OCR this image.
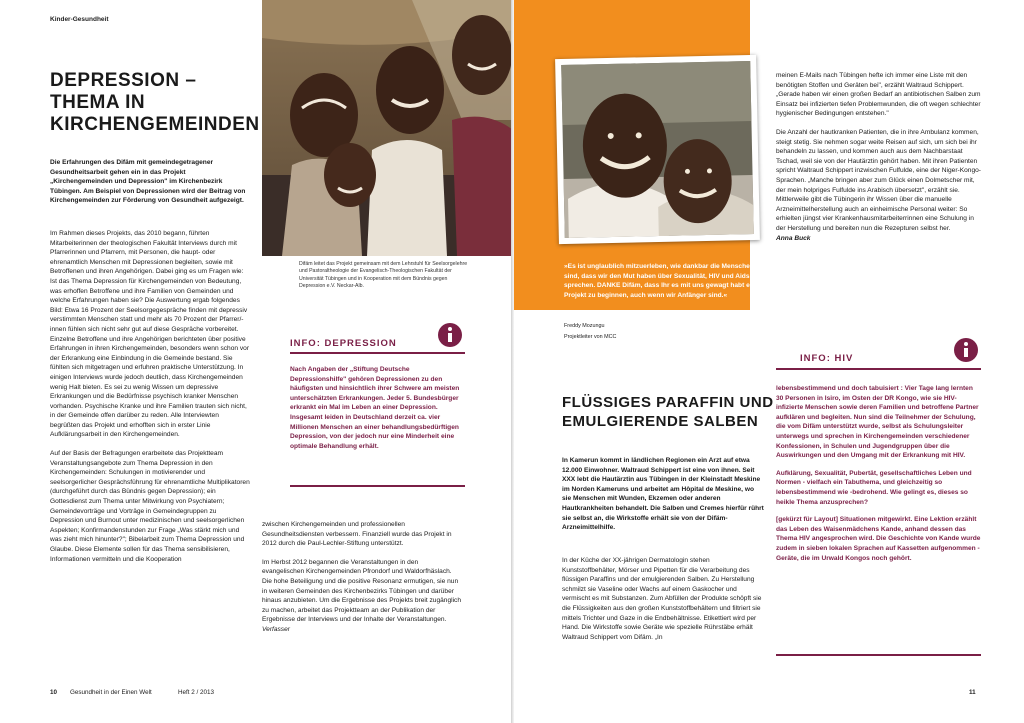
Kinder-Gesundheit
DEPRESSION –
THEMA IN
KIRCHENGEMEINDEN

Die Erfahrungen des Difäm mit gemeindegetragener Gesundheitsarbeit gehen ein in das Projekt „Kirchengemeinden und Depression" im Kirchenbezirk Tübingen. Am Beispiel von Depressionen wird der Beitrag von Kirchengemeinden zur Förderung von Gesundheit aufgezeigt.

Im Rahmen dieses Projekts, das 2010 begann, führten Mitarbeiterinnen der theologischen Fakultät Interviews durch mit Pfarrerinnen und Pfarrern, mit Personen, die haupt- oder ehrenamtlich Menschen mit Depressionen begleiten, sowie mit Betroffenen und ihren Angehörigen. Dabei ging es um Fragen wie: Ist das Thema Depression für Kirchengemeinden von Bedeutung, was erhoffen Betroffene und ihre Familien von Gemeinden und welche Erfahrungen haben sie? Die Auswertung ergab folgendes Bild: Etwa 16 Prozent der Seelsorgegespräche finden mit depressiv verstimmten Menschen statt und mehr als 70 Prozent der Pfarrer/-innen fühlen sich nicht sehr gut auf diese Gespräche vorbereitet. Einzelne Betroffene und ihre Angehörigen berichteten über positive Erfahrungen in ihren Kirchengemeinden, besonders wenn schon vor der Erkrankung eine Einbindung in die Gemeinde bestand. Sie fühlten sich mitgetragen und erfuhren praktische Unterstützung. In einigen Interviews wurde jedoch deutlich, dass Kirchengemeinden wenig Halt bieten. Es sei zu wenig Wissen um depressive Erkrankungen und die Bedürfnisse psychisch kranker Menschen vorhanden. Psychische Kranke und ihre Familien trauten sich nicht, in der Gemeinde offen darüber zu reden. Alle Interviewten begrüßten das Projekt und erhofften sich in erster Linie Aufklärungsarbeit in den Kirchengemeinden.

Auf der Basis der Befragungen erarbeitete das Projektteam Veranstaltungsangebote zum Thema Depression in den Kirchengemeinden: Schulungen in motivierender und seelsorgerlicher Gesprächsführung für ehrenamtliche Multiplikatoren (durchgeführt durch das Bündnis gegen Depression); ein Gottesdienst zum Thema unter Mitwirkung von Psychiatern; Gemeindevorträge und Vorträge in Gemeindegruppen zu Depression und Burnout unter medizinischen und seelsorgerlichen Aspekten; Konfirmandenstunden zur Frage „Was stärkt mich und was zieht mich hinunter?"; Bibelarbeit zum Thema Depression und Glaube. Diese Elemente sollen für das Thema sensibilisieren, Informationen vermitteln und die Kooperation

Difäm leitet das Projekt gemeinsam mit dem Lehrstuhl für Seelsorgelehre und Pastoraltheologie der Evangelisch-Theologischen Fakultät der Universität Tübingen und in Kooperation mit dem Bündnis gegen Depression e.V. Neckar-Alb.
INFO: DEPRESSION
Nach Angaben der „Stiftung Deutsche Depressionshilfe" gehören Depressionen zu den häufigsten und hinsichtlich ihrer Schwere am meisten unterschätzten Erkrankungen. Jeder 5. Bundesbürger erkrankt ein Mal im Leben an einer Depression. Insgesamt leiden in Deutschland derzeit ca. vier Millionen Menschen an einer behandlungsbedürftigen Depression, von der jedoch nur eine Minderheit eine optimale Behandlung erhält.

zwischen Kirchengemeinden und professionellen Gesundheitsdiensten verbessern. Finanziell wurde das Projekt in 2012 durch die Paul-Lechler-Stiftung unterstützt.

Im Herbst 2012 begannen die Veranstaltungen in den evangelischen Kirchengemeinden Pfrondorf und Waldorfhäslach. Die hohe Beteiligung und die positive Resonanz ermutigen, sie nun in weiteren Gemeinden des Kirchenbezirks Tübingen und darüber hinaus anzubieten. Um die Ergebnisse des Projekts breit zugänglich zu machen, arbeitet das Projektteam an der Publikation der Ergebnisse der Interviews und der Inhalte der Veranstaltungen. Verfasser

10 Gesundheit in der Einen Welt	Heft 2 / 2013

»Es ist unglaublich mitzuerleben, wie dankbar die Menschen sind, dass wir den Mut haben über Sexualität, HIV und Aids zu sprechen. DANKE Difäm, dass Ihr es mit uns gewagt habt ein Projekt zu beginnen, auch wenn wir Anfänger sind.«

Freddy Mozungu
Projektleiter von MCC
FLÜSSIGES PARAFFIN UND
EMULGIERENDE SALBEN

In Kamerun kommt in ländlichen Regionen ein Arzt auf etwa 12.000 Einwohner. Waltraud Schippert ist eine von ihnen. Seit XXX lebt die Hautärztin aus Tübingen in der Kleinstadt Meskine im Norden Kameruns und arbeitet am Hôpital de Meskine, wo sie Menschen mit Wunden, Ekzemen oder anderen Hautkrankheiten behandelt. Die Salben und Cremes hierfür rührt sie selbst an, die Wirkstoffe erhält sie von der Difäm-Arzneimittelhilfe.

In der Küche der XX-jährigen Dermatologin stehen Kunststoffbehälter, Mörser und Pipetten für die Verarbeitung des flüssigen Paraffins und der emulgierenden Salben. Zu Herstellung schmilzt sie Vaseline oder Wachs auf einem Gaskocher und vermischt es mit Substanzen. Zum Abfüllen der Produkte schöpft sie die Flüssigkeiten aus den großen Kunststoffbehältern und filtriert sie mittels Trichter und Gaze in die Endbehältnisse. Etikettiert wird per Hand. Die Wirkstoffe sowie Geräte wie spezielle Rührstäbe erhält Waltraud Schippert vom Difäm. „In

meinen E-Mails nach Tübingen hefte ich immer eine Liste mit den benötigten Stoffen und Geräten bei", erzählt Waltraud Schippert. „Gerade haben wir einen großen Bedarf an antibiotischen Salben zum Einsatz bei infizierten tiefen Problemwunden, die oft wegen schlechter hygienischer Bedingungen entstehen."

Die Anzahl der hautkranken Patienten, die in ihre Ambulanz kommen, steigt stetig. Sie nehmen sogar weite Reisen auf sich, um sich bei ihr behandeln zu lassen, und kommen auch aus dem Nachbarstaat Tschad, weil sie von der Hautärztin gehört haben. Mit ihren Patienten spricht Waltraud Schippert inzwischen Fulfulde, eine der Niger-Kongo-Sprachen. „Manche bringen aber zum Glück einen Dolmetscher mit, der mein holpriges Fulfulde ins Arabisch übersetzt", erzählt sie. Mittlerweile gibt die Tübingerin ihr Wissen über die manuelle Arzneimittelherstellung auch an einheimische Personal weiter: So erhielten jüngst vier Krankenhausmitarbeiterrinnen eine Schulung in der Herstellung und bereiten nun die Rezepturen selbst her.

Anna Buck
INFO: HIV

lebensbestimmend und doch tabuisiert : Vier Tage lang lernten 30 Personen in Isiro, im Osten der DR Kongo, wie sie HIV-infizierte Menschen sowie deren Familien und betroffene Partner aufklären und begleiten. Nun sind die Teilnehmer der Schulung, die vom Difäm unterstützt wurde, selbst als Schulungsleiter unterwegs und sprechen in Kirchengemeinden verschiedener Konfessionen, in Schulen und Jugendgruppen über die Auswirkungen und den Umgang mit der Erkrankung mit HIV.

Aufklärung, Sexualität, Pubertät, gesellschaftliches Leben und Normen - vielfach ein Tabuthema, und gleichzeitig so lebensbestimmend wie -bedrohend. Wie gelingt es, dieses so heikle Thema anzusprechen?

[gekürzt für Layout] Situationen mitgewirkt. Eine Lektion erzählt das Leben des Waisenmädchens Kande, anhand dessen das Thema HIV angesprochen wird. Die Geschichte von Kande wurde zudem in sieben lokalen Sprachen auf Kassetten aufgenommen - Geräte, die im Urwald Kongos noch gehört.

11
